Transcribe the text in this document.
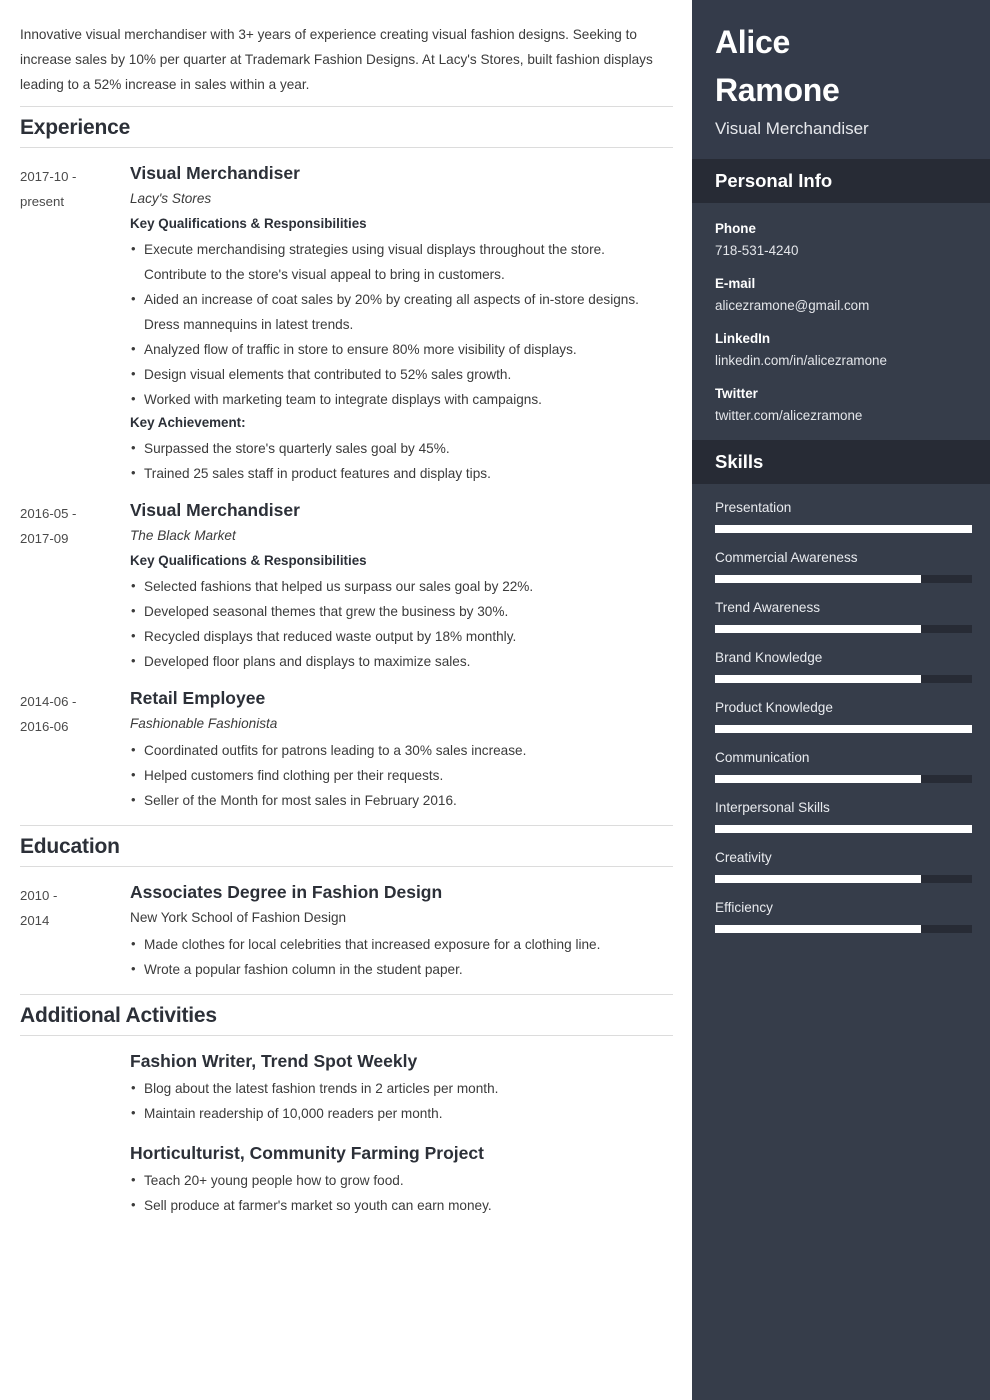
Innovative visual merchandiser with 3+ years of experience creating visual fashion designs. Seeking to increase sales by 10% per quarter at Trademark Fashion Designs. At Lacy's Stores, built fashion displays leading to a 52% increase in sales within a year.

Experience
2017-10 -
present
Visual Merchandiser
Lacy's Stores
Key Qualifications & Responsibilities
• Execute merchandising strategies using visual displays throughout the store. Contribute to the store's visual appeal to bring in customers.
• Aided an increase of coat sales by 20% by creating all aspects of in-store designs. Dress mannequins in latest trends.
• Analyzed flow of traffic in store to ensure 80% more visibility of displays.
• Design visual elements that contributed to 52% sales growth.
• Worked with marketing team to integrate displays with campaigns.
Key Achievement:
• Surpassed the store's quarterly sales goal by 45%.
• Trained 25 sales staff in product features and display tips.
2016-05 -
2017-09
Visual Merchandiser
The Black Market
Key Qualifications & Responsibilities
• Selected fashions that helped us surpass our sales goal by 22%.
• Developed seasonal themes that grew the business by 30%.
• Recycled displays that reduced waste output by 18% monthly.
• Developed floor plans and displays to maximize sales.
2014-06 -
2016-06
Retail Employee
Fashionable Fashionista
• Coordinated outfits for patrons leading to a 30% sales increase.
• Helped customers find clothing per their requests.
• Seller of the Month for most sales in February 2016.
Education
2010 -
2014
Associates Degree in Fashion Design
New York School of Fashion Design
• Made clothes for local celebrities that increased exposure for a clothing line.
• Wrote a popular fashion column in the student paper.
Additional Activities
Fashion Writer, Trend Spot Weekly
• Blog about the latest fashion trends in 2 articles per month.
• Maintain readership of 10,000 readers per month.
Horticulturist, Community Farming Project
• Teach 20+ young people how to grow food.
• Sell produce at farmer's market so youth can earn money.
Alice
Ramone
Visual Merchandiser
Personal Info
Phone
718-531-4240
E-mail
alicezramone@gmail.com
LinkedIn
linkedin.com/in/alicezramone
Twitter
twitter.com/alicezramone
Skills
Presentation
Commercial Awareness
Trend Awareness
Brand Knowledge
Product Knowledge
Communication
Interpersonal Skills
Creativity
Efficiency
